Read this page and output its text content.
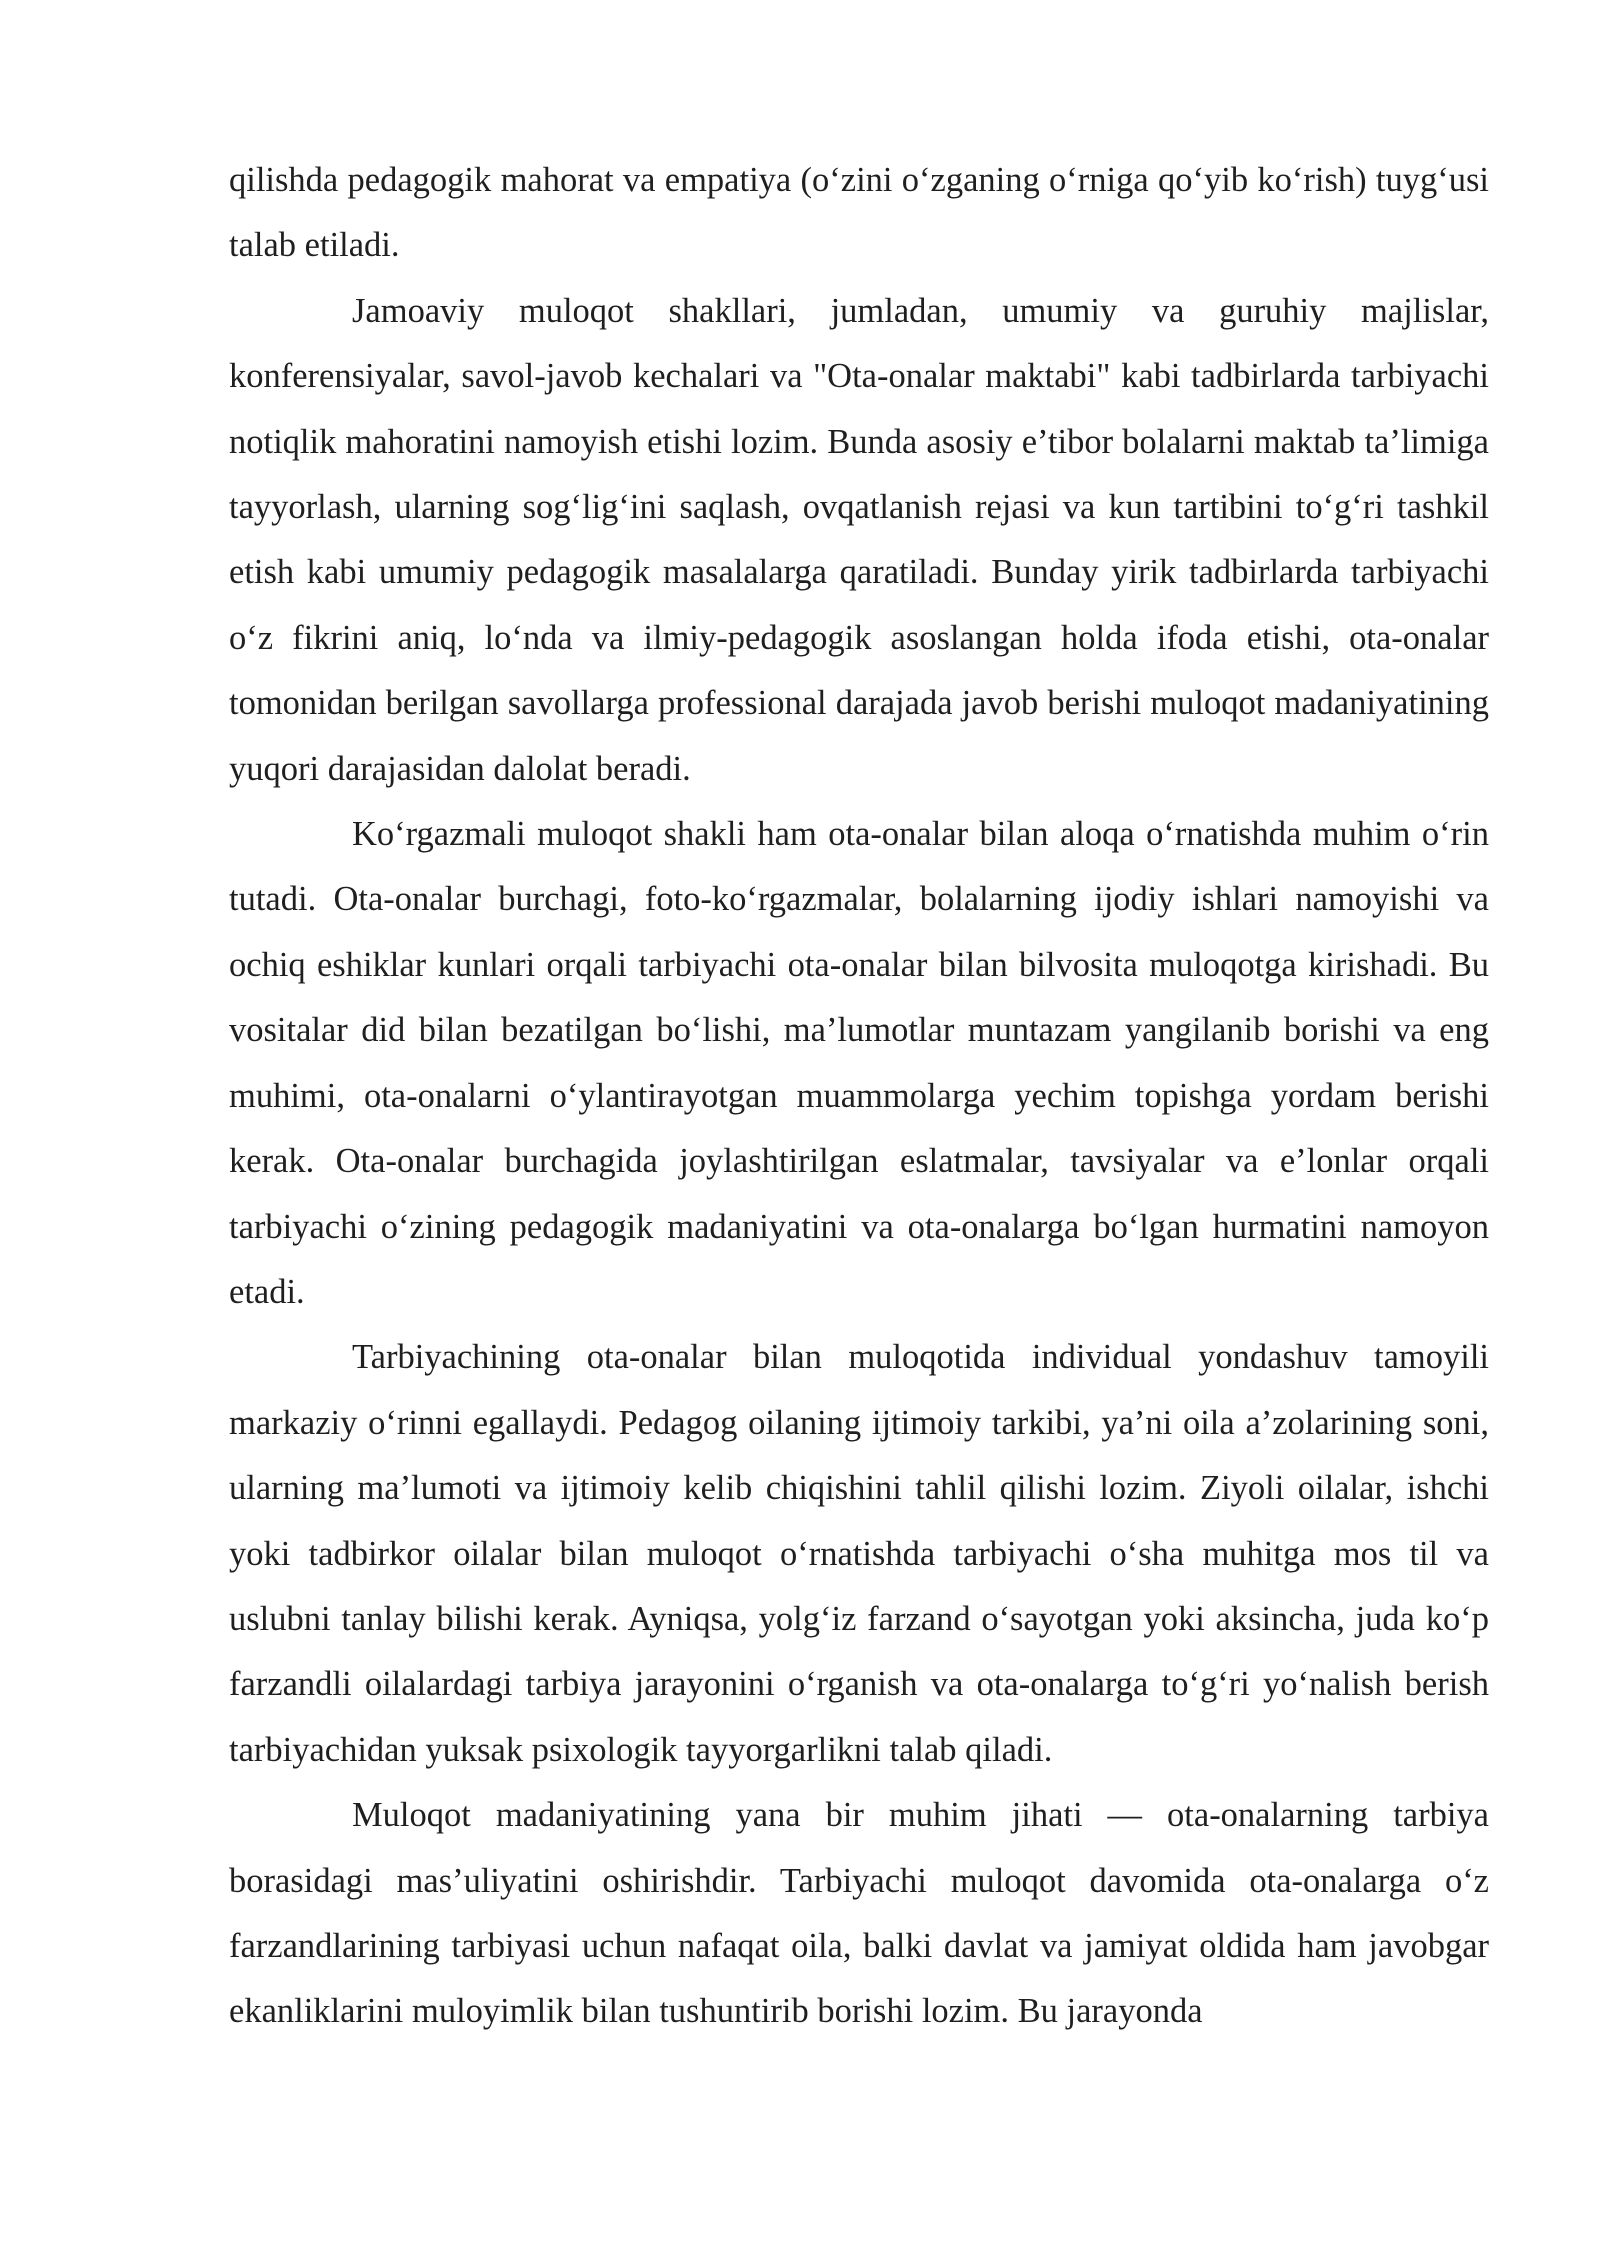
qilishda pedagogik mahorat va empatiya (o‘zini o‘zganing o‘rniga qo‘yib ko‘rish) tuyg‘usi talab etiladi.

Jamoaviy muloqot shakllari, jumladan, umumiy va guruhiy majlislar, konferensiyalar, savol-javob kechalari va "Ota-onalar maktabi" kabi tadbirlarda tarbiyachi notiqlik mahoratini namoyish etishi lozim. Bunda asosiy e’tibor bolalarni maktab ta’limiga tayyorlash, ularning sog‘lig‘ini saqlash, ovqatlanish rejasi va kun tartibini to‘g‘ri tashkil etish kabi umumiy pedagogik masalalarga qaratiladi. Bunday yirik tadbirlarda tarbiyachi o‘z fikrini aniq, lo‘nda va ilmiy-pedagogik asoslangan holda ifoda etishi, ota-onalar tomonidan berilgan savollarga professional darajada javob berishi muloqot madaniyatining yuqori darajasidan dalolat beradi.

Ko‘rgazmali muloqot shakli ham ota-onalar bilan aloqa o‘rnatishda muhim o‘rin tutadi. Ota-onalar burchagi, foto-ko‘rgazmalar, bolalarning ijodiy ishlari namoyishi va ochiq eshiklar kunlari orqali tarbiyachi ota-onalar bilan bilvosita muloqotga kirishadi. Bu vositalar did bilan bezatilgan bo‘lishi, ma’lumotlar muntazam yangilanib borishi va eng muhimi, ota-onalarni o‘ylantirayotgan muammolarga yechim topishga yordam berishi kerak. Ota-onalar burchagida joylashtirilgan eslatmalar, tavsiyalar va e’lonlar orqali tarbiyachi o‘zining pedagogik madaniyatini va ota-onalarga bo‘lgan hurmatini namoyon etadi.

Tarbiyachining ota-onalar bilan muloqotida individual yondashuv tamoyili markaziy o‘rinni egallaydi. Pedagog oilaning ijtimoiy tarkibi, ya’ni oila a’zolarining soni, ularning ma’lumoti va ijtimoiy kelib chiqishini tahlil qilishi lozim. Ziyoli oilalar, ishchi yoki tadbirkor oilalar bilan muloqot o‘rnatishda tarbiyachi o‘sha muhitga mos til va uslubni tanlay bilishi kerak. Ayniqsa, yolg‘iz farzand o‘sayotgan yoki aksincha, juda ko‘p farzandli oilalardagi tarbiya jarayonini o‘rganish va ota-onalarga to‘g‘ri yo‘nalish berish tarbiyachidan yuksak psixologik tayyorgarlikni talab qiladi.

Muloqot madaniyatining yana bir muhim jihati — ota-onalarning tarbiya borasidagi mas’uliyatini oshirishdir. Tarbiyachi muloqot davomida ota-onalarga o‘z farzandlarining tarbiyasi uchun nafaqat oila, balki davlat va jamiyat oldida ham javobgar ekanliklarini muloyimlik bilan tushuntirib borishi lozim. Bu jarayonda
